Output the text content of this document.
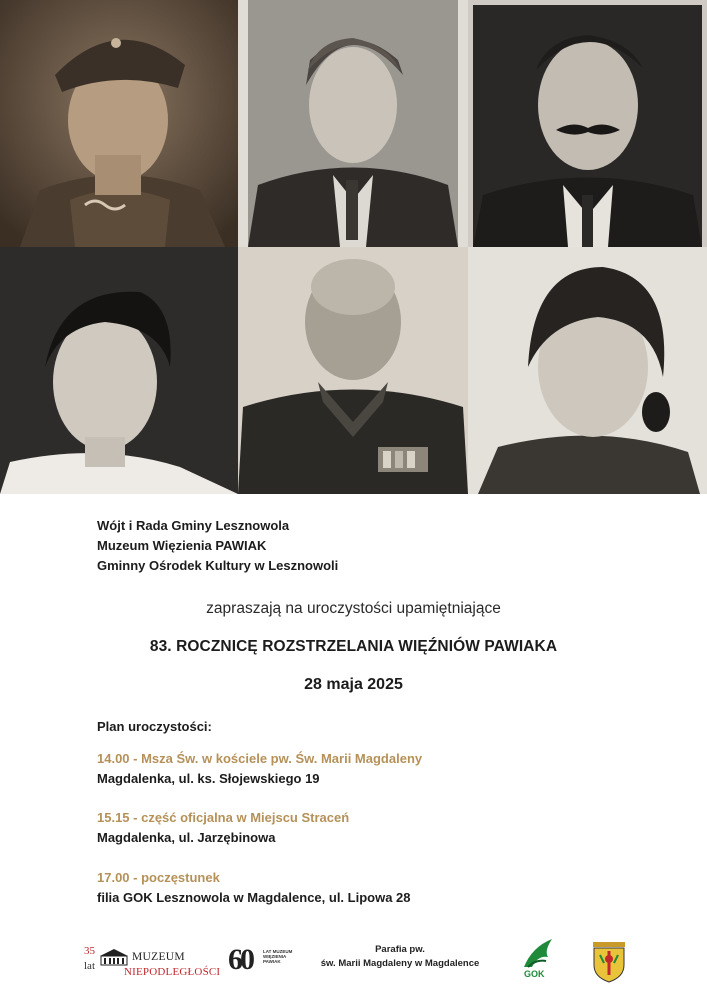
Wójt i Rada Gminy Lesznowola
Muzeum Więzienia PAWIAK
Gminny Ośrodek Kultury w Lesznowoli
zapraszają na uroczystości upamiętniające
83. ROCZNICĘ ROZSTRZELANIA WIĘŹNIÓW PAWIAKA
28 maja 2025
Plan uroczystości:
14.00 - Msza Św. w kościele pw. Św. Marii Magdaleny
Magdalenka, ul. ks. Słojewskiego 19
15.15 - część oficjalna w Miejscu Straceń
Magdalenka, ul. Jarzębinowa
17.00 - poczęstunek
filia GOK Lesznowola w Magdalence, ul. Lipowa 28
35
lat
MUZEUM
NIEPODLEGŁOŚCI 60 LAT MUZEUM WIĘZIENIA PAWIAK
Parafia pw.
św. Marii Magdaleny w Magdalence
GOK
